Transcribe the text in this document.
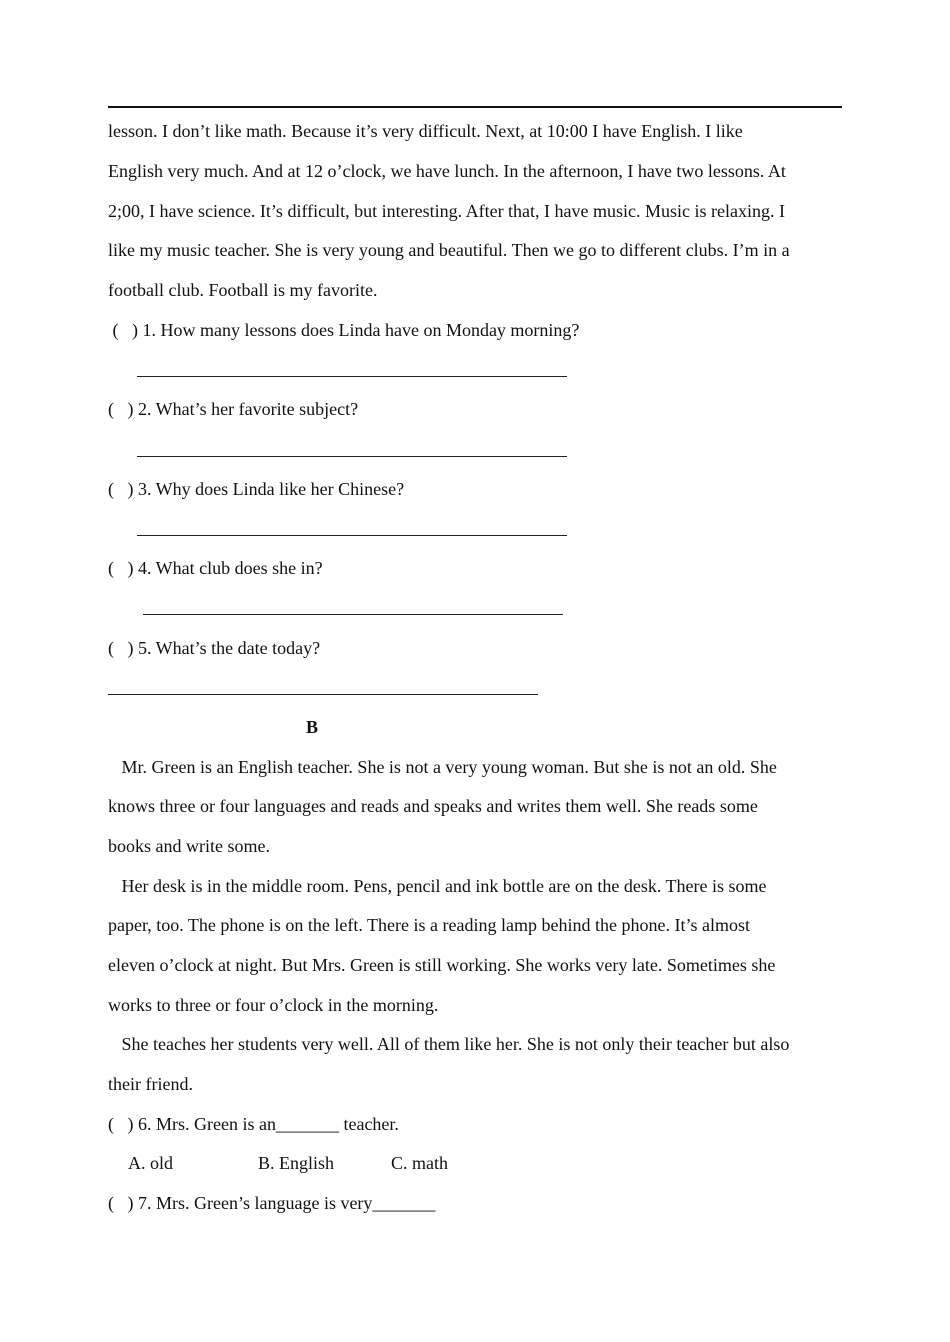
lesson. I don’t like math. Because it’s very difficult. Next, at 10:00 I have English. I like
English very much. And at 12 o’clock, we have lunch. In the afternoon, I have two lessons. At
2;00, I have science. It’s difficult, but interesting. After that, I have music. Music is relaxing. I
like my music teacher. She is very young and beautiful. Then we go to different clubs. I’m in a
football club. Football is my favorite.
(   ) 1. How many lessons does Linda have on Monday morning?
(   ) 2. What’s her favorite subject?
(   ) 3. Why does Linda like her Chinese?
(   ) 4. What club does she in?
(   ) 5. What’s the date today?
B
Mr. Green is an English teacher. She is not a very young woman. But she is not an old. She
knows three or four languages and reads and speaks and writes them well. She reads some
books and write some.
Her desk is in the middle room. Pens, pencil and ink bottle are on the desk. There is some
paper, too. The phone is on the left. There is a reading lamp behind the phone. It’s almost
eleven o’clock at night. But Mrs. Green is still working. She works very late. Sometimes she
works to three or four o’clock in the morning.
She teaches her students very well. All of them like her. She is not only their teacher but also
their friend.
(   ) 6. Mrs. Green is an_______ teacher.
A. old	B. English	C. math
(   ) 7. Mrs. Green’s language is very_______
